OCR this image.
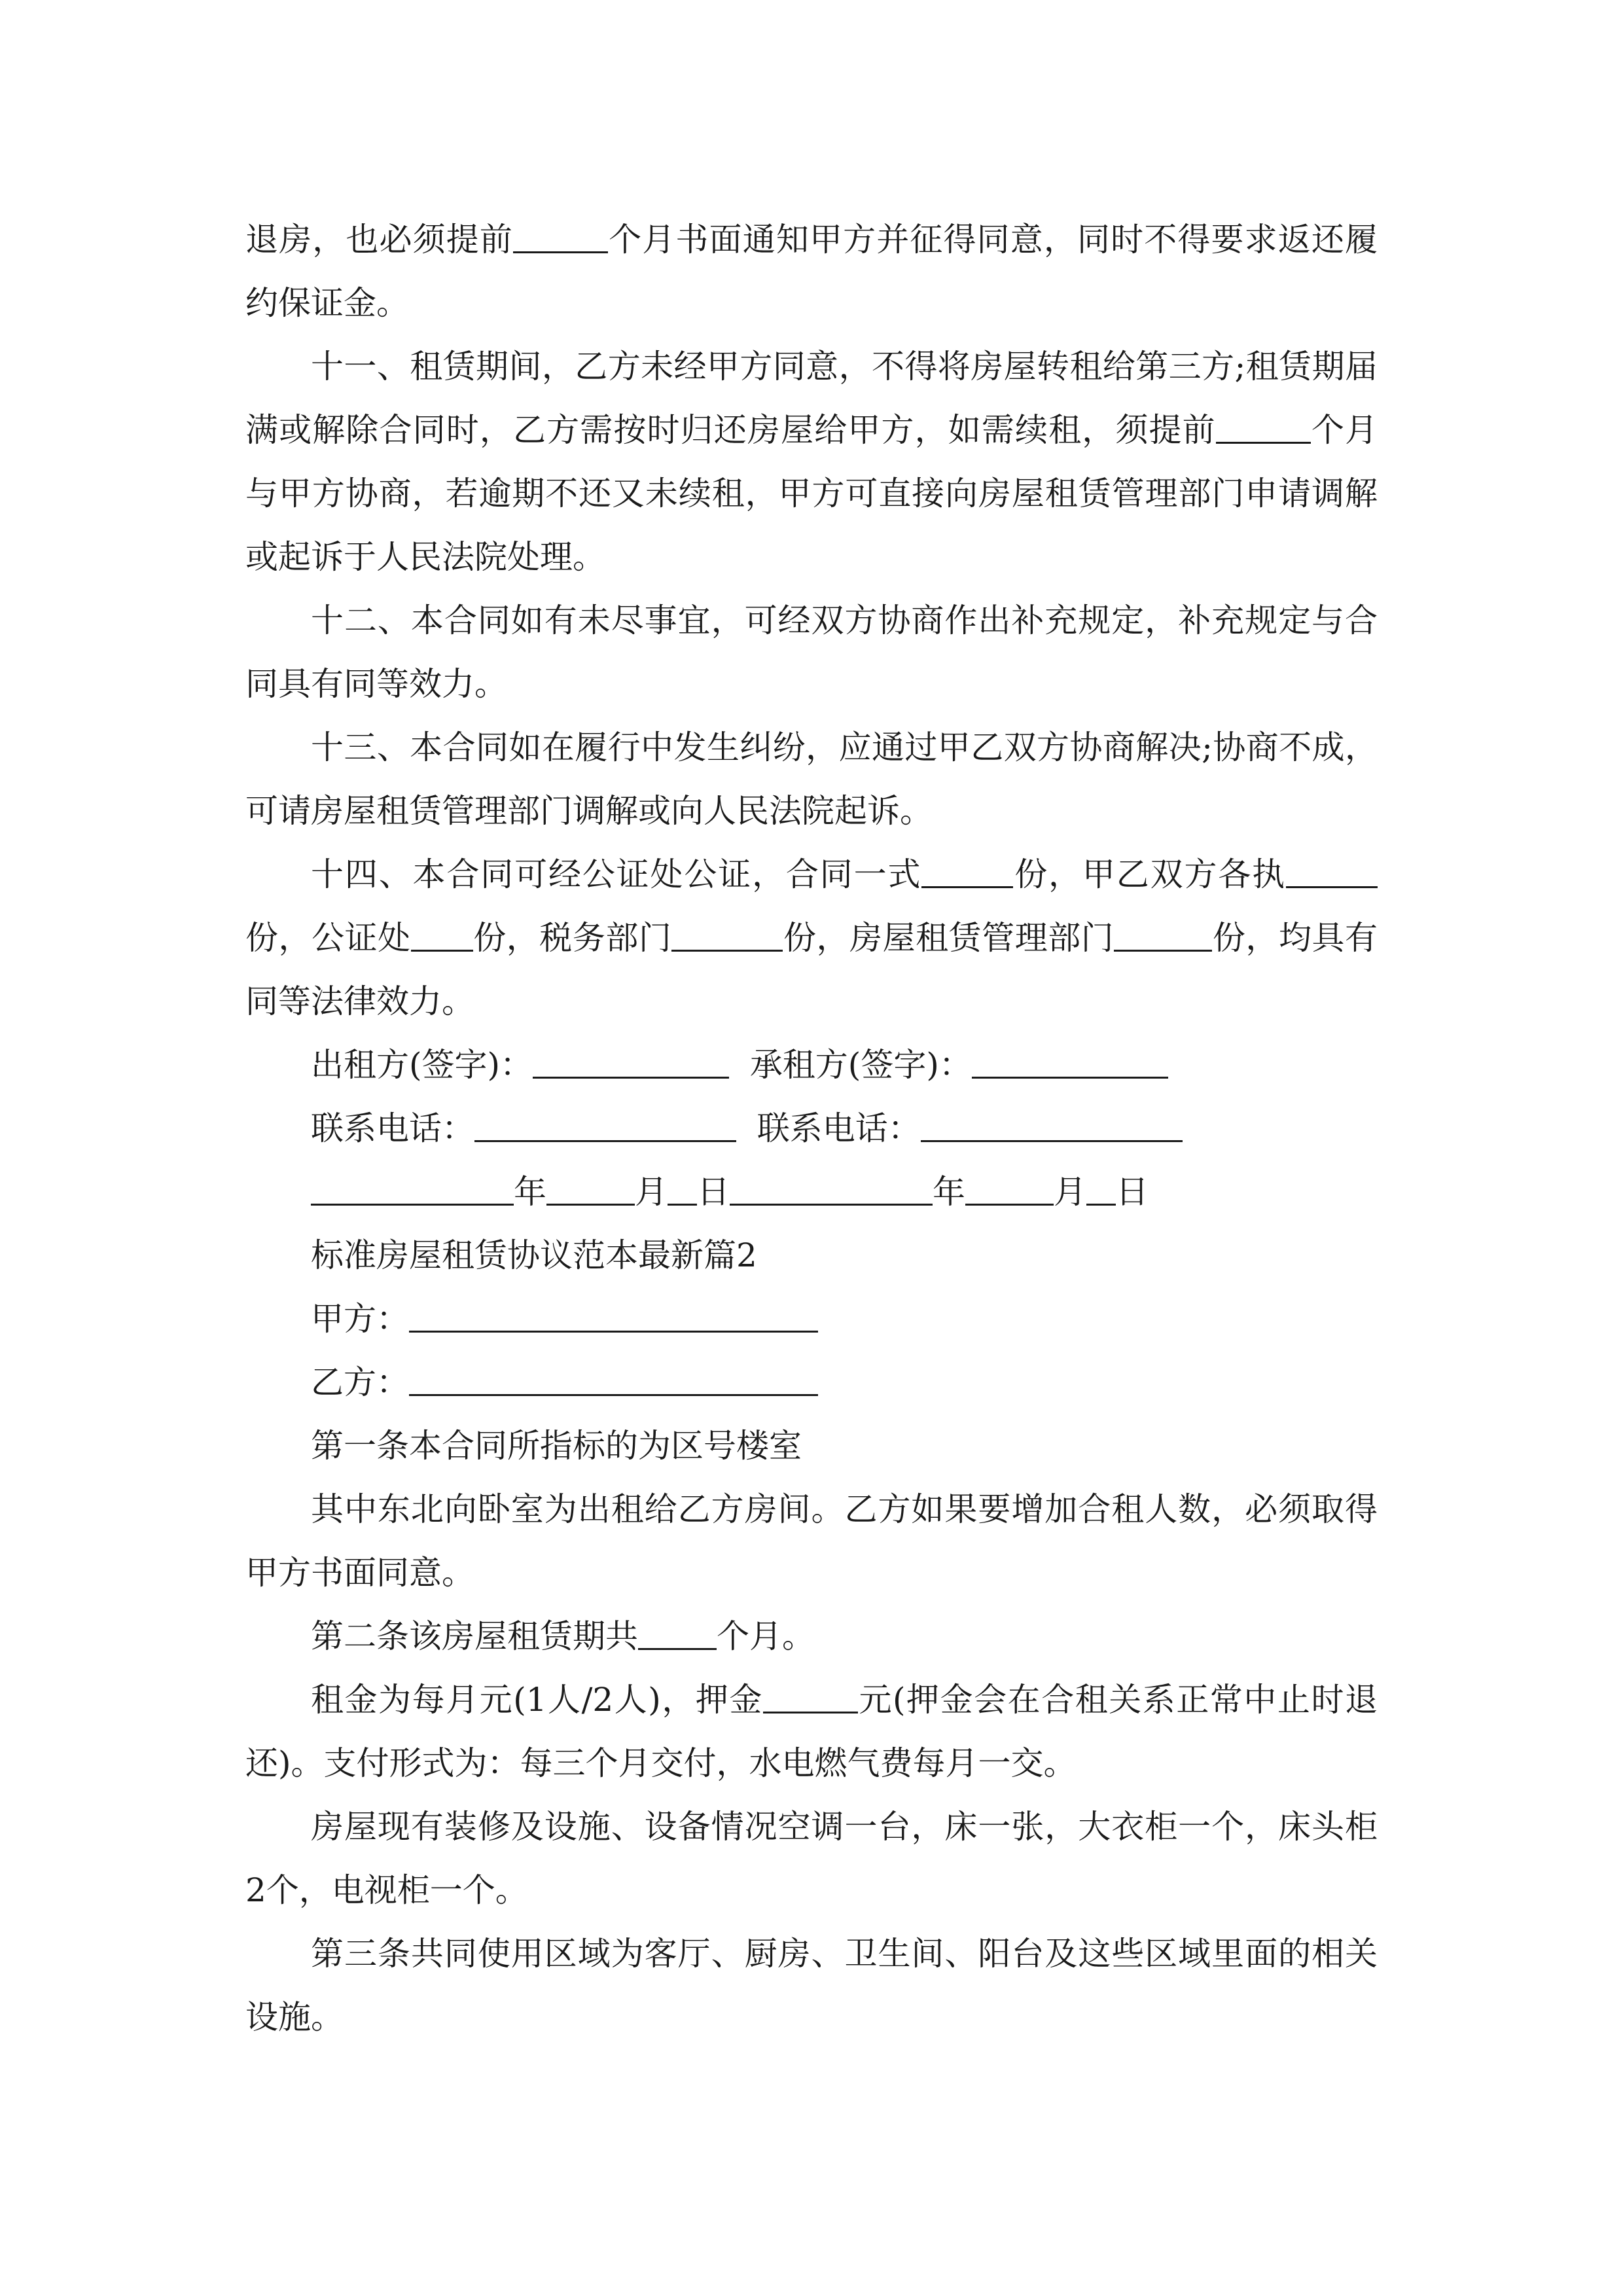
退房，也必须提前	个月书面通知甲方并征得同意，同时不得要求返还履约保证金。

十一、租赁期间，乙方未经甲方同意，不得将房屋转租给第三方;租赁期届满或解除合同时，乙方需按时归还房屋给甲方，如需续租，须提前	个月与甲方协商，若逾期不还又未续租，甲方可直接向房屋租赁管理部门申请调解或起诉于人民法院处理。

十二、本合同如有未尽事宜，可经双方协商作出补充规定，补充规定与合同具有同等效力。

十三、本合同如在履行中发生纠纷，应通过甲乙双方协商解决;协商不成，可请房屋租赁管理部门调解或向人民法院起诉。

十四、本合同可经公证处公证，合同一式	份，甲乙双方各执份，公证处 份，税务部门	份，房屋租赁管理部门	份，均具有同等法律效力。

出租方(签字)：	承租方(签字)：

联系电话：	联系电话：

年	月 日	年	月 日

标准房屋租赁协议范本最新篇2

甲方：

乙方：

第一条本合同所指标的为区号楼室

其中东北向卧室为出租给乙方房间。乙方如果要增加合租人数，必须取得甲方书面同意。

第二条该房屋租赁期共 个月。

租金为每月元(1人/2人)，押金	元(押金会在合租关系正常中止时退还)。支付形式为：每三个月交付，水电燃气费每月一交。

房屋现有装修及设施、设备情况空调一台，床一张，大衣柜一个，床头柜2个，电视柜一个。

第三条共同使用区域为客厅、厨房、卫生间、阳台及这些区域里面的相关设施。
